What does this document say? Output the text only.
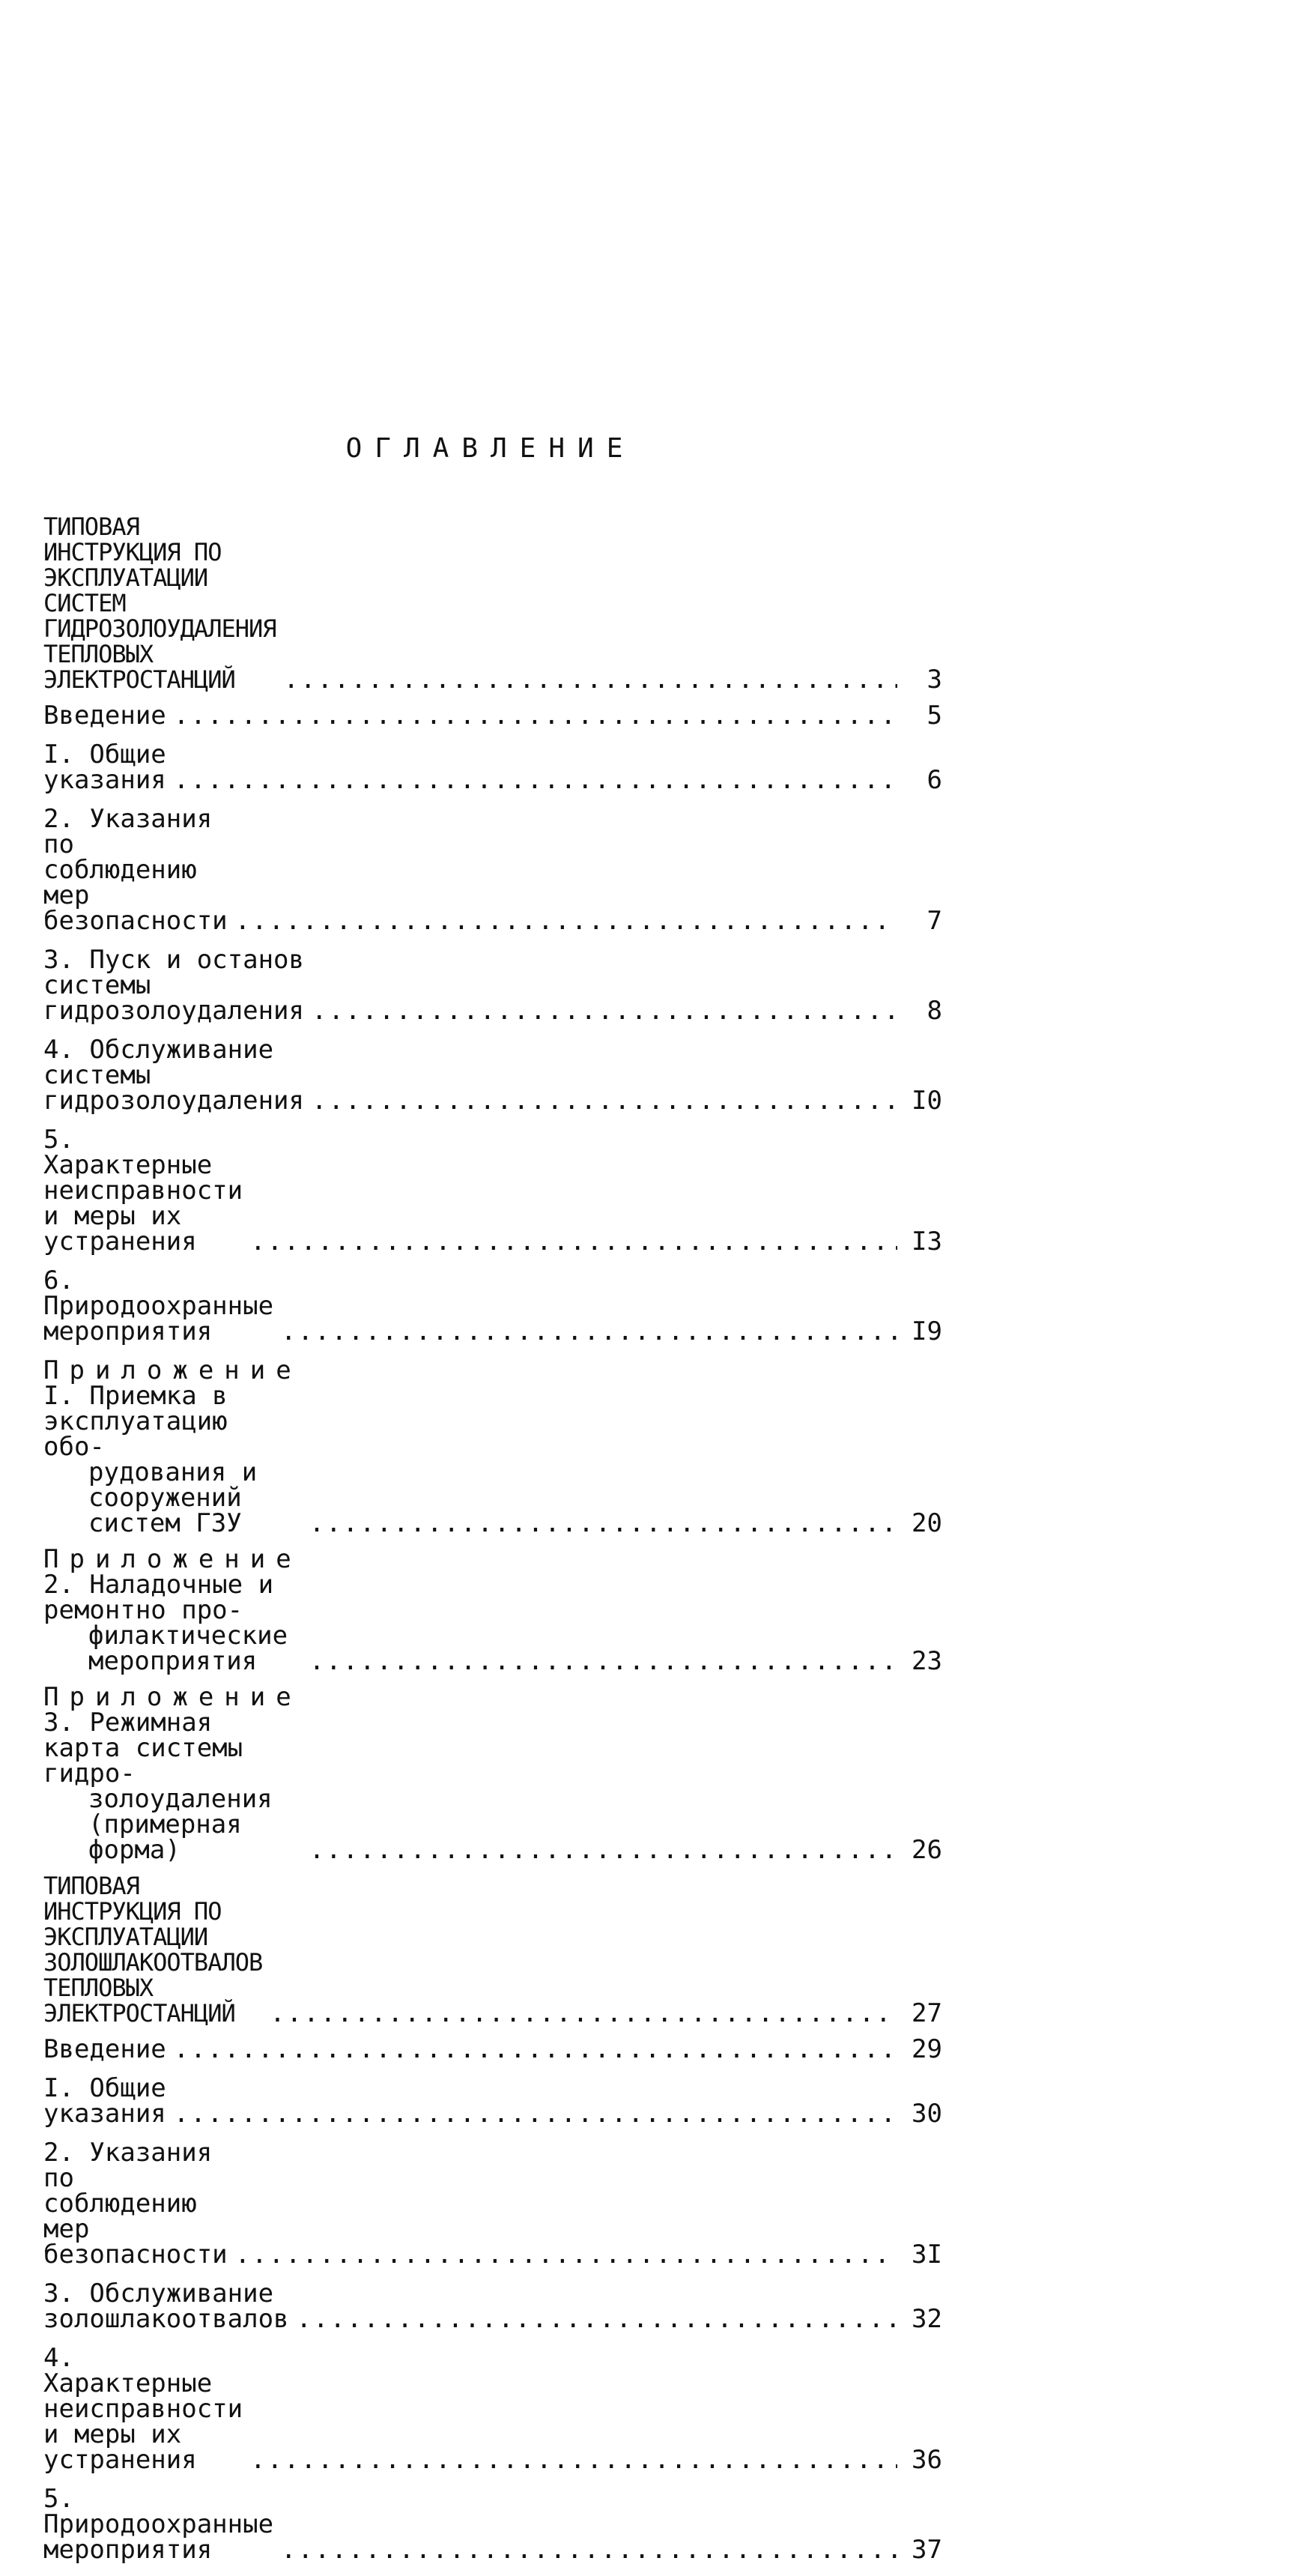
ОГЛАВЛЕНИЕ
ТИПОВАЯ ИНСТРУКЦИЯ ПО ЭКСПЛУАТАЦИИ СИСТЕМ
ГИДРОЗОЛОУДАЛЕНИЯ ТЕПЛОВЫХ ЭЛЕКТРОСТАНЦИЙ .....	3
Введение .....	5
I. Общие указания .....	6
2. Указания по соблюдению мер безопасности .....	7
3. Пуск и останов системы гидрозолоудаления .....	8
4. Обслуживание системы гидрозолоудаления .....	I0
5. Характерные неисправности и меры их устранения .....	I3
6. Природоохранные мероприятия .....	I9
Приложение I. Приемка в эксплуатацию обо-
рудования и сооружений систем ГЗУ .....	20
Приложение 2. Наладочные и ремонтно про-
филактические мероприятия .....	23
Приложение 3. Режимная карта системы гидро-
золоудаления (примерная форма) .....	26
ТИПОВАЯ ИНСТРУКЦИЯ ПО ЭКСПЛУАТАЦИИ ЗОЛОШЛАКООТВАЛОВ
ТЕПЛОВЫХ ЭЛЕКТРОСТАНЦИЙ .....	27
Введение .....	29
I. Общие указания .....	30
2. Указания по соблюдению мер безопасности .....	3I
3. Обслуживание золошлакоотвалов .....	32
4. Характерные неисправности и меры их устранения .....	36
5. Природоохранные мероприятия .....	37
